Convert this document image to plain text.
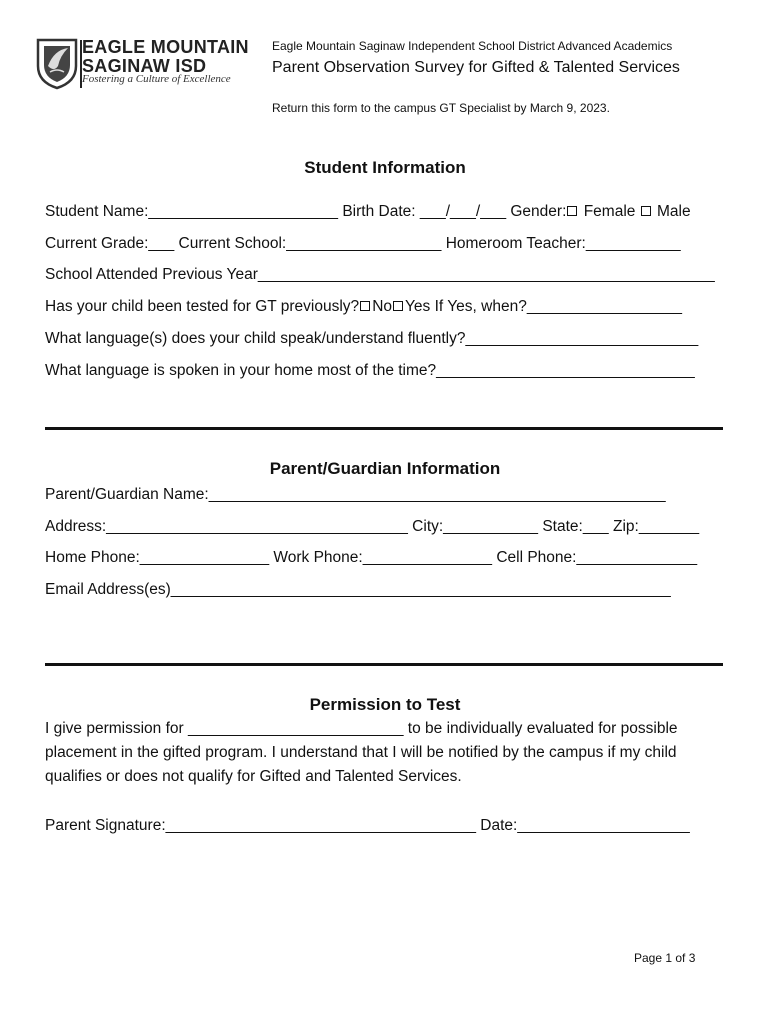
EAGLE MOUNTAIN
SAGINAW ISD
Fostering a Culture of Excellence
Eagle Mountain Saginaw Independent School District Advanced Academics
Parent Observation Survey for Gifted & Talented Services
Return this form to the campus GT Specialist by March 9, 2023.
Student Information
Student Name:______________________ Birth Date: ___/___/___ Gender: Female Male
Current Grade:___ Current School:__________________ Homeroom Teacher:___________
School Attended Previous Year_____________________________________________________
Has your child been tested for GT previously? No Yes If Yes, when?__________________
What language(s) does your child speak/understand fluently?___________________________
What language is spoken in your home most of the time?______________________________
Parent/Guardian Information
Parent/Guardian Name:_____________________________________________________
Address:___________________________________ City:___________ State:___ Zip:_______
Home Phone:_______________ Work Phone:_______________ Cell Phone:______________
Email Address(es)__________________________________________________________
Permission to Test
I give permission for _________________________ to be individually evaluated for possible
placement in the gifted program. I understand that I will be notified by the campus if my child
qualifies or does not qualify for Gifted and Talented Services.
Parent Signature:____________________________________ Date:____________________
Page 1 of 3
